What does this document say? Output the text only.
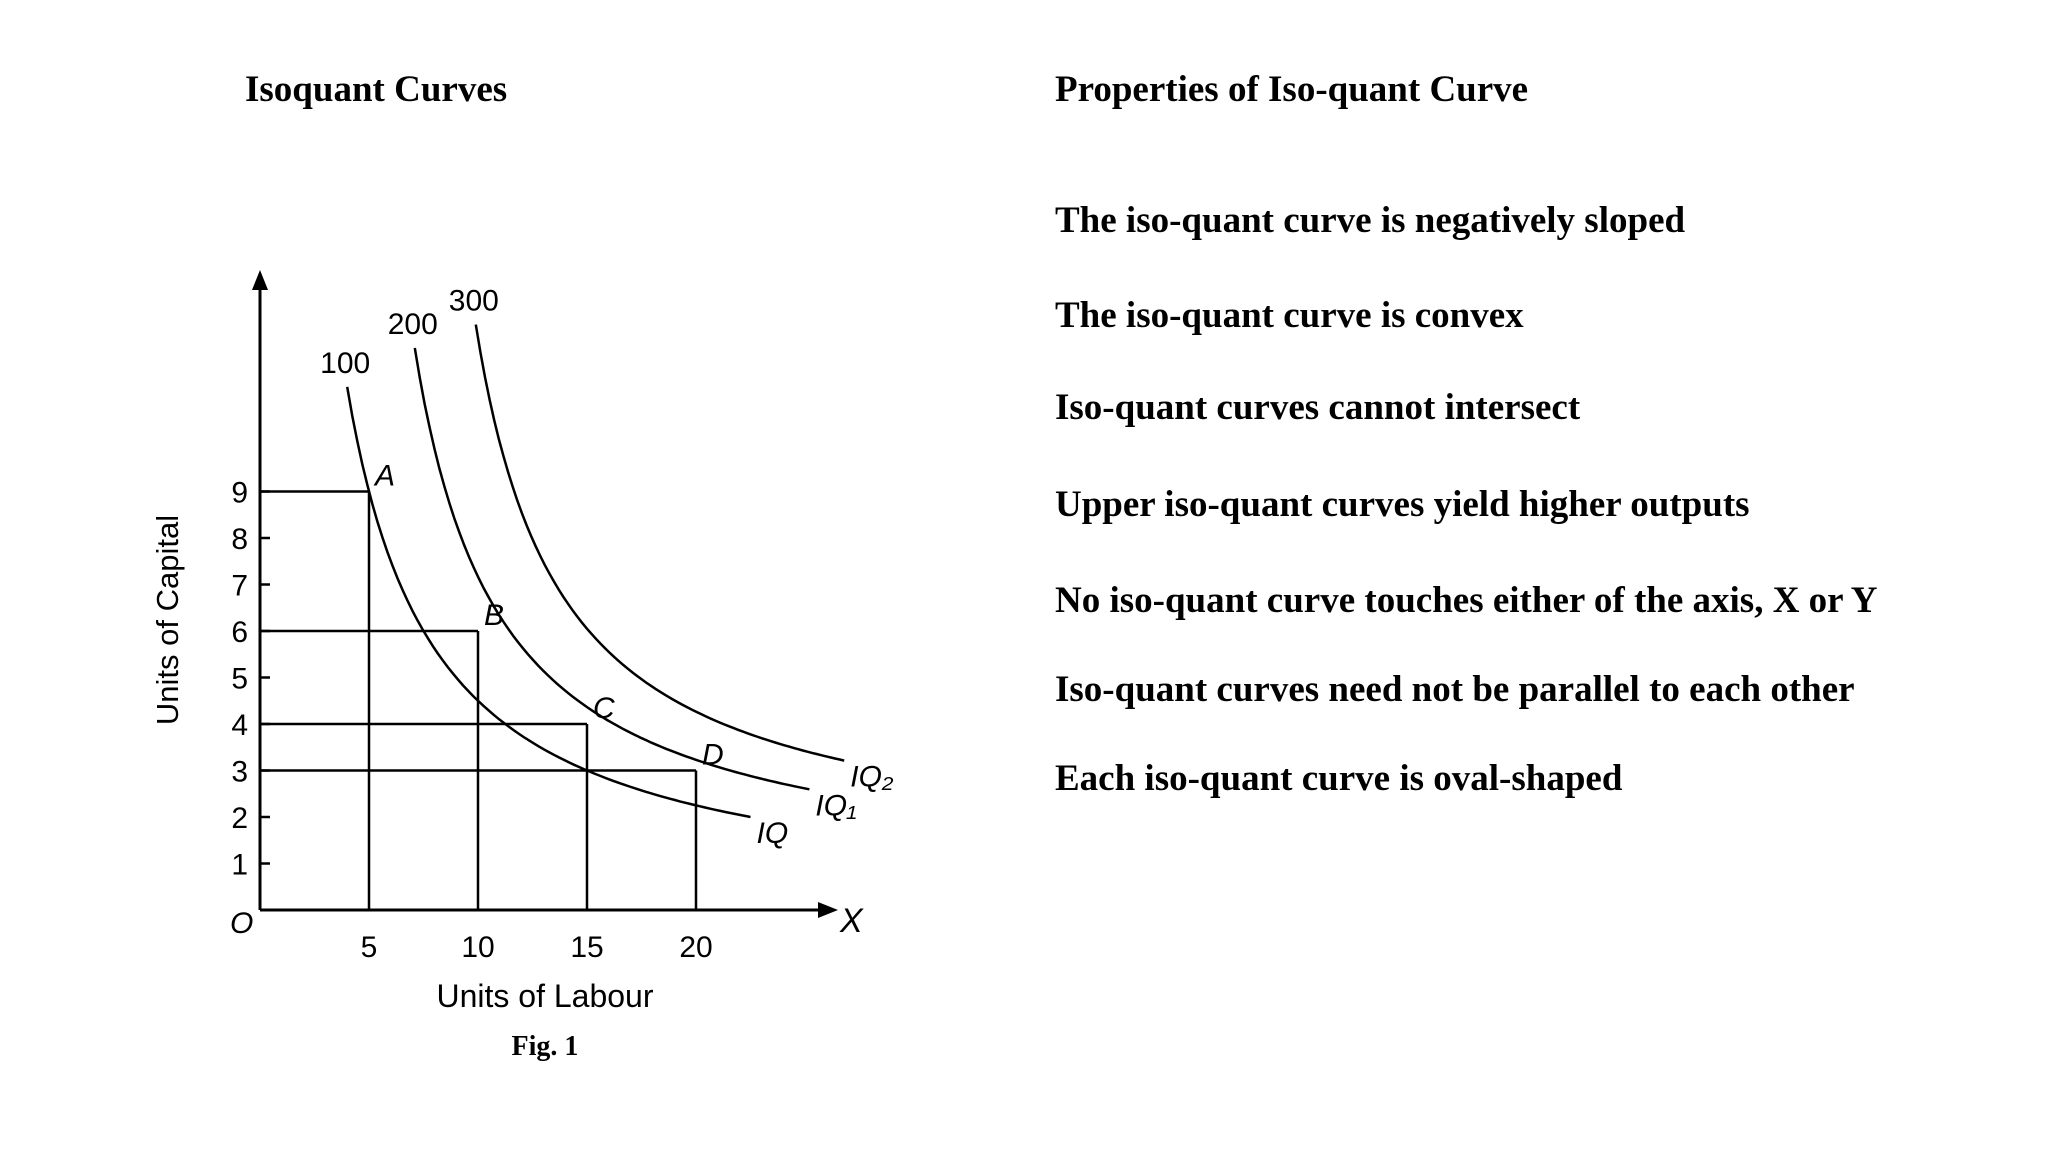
Isoquant Curves	Properties of Iso-quant Curve
The iso-quant curve is negatively sloped
The iso-quant curve is convex
Iso-quant curves cannot intersect
Upper iso-quant curves yield higher outputs
No iso-quant curve touches either of the axis, X or Y
Iso-quant curves need not be parallel to each other
Each iso-quant curve is oval-shaped
1
2
3
4
5
6
7
8
9
5	10	15	20
100
200
300
IQ
IQ₁
IQ₂
A
B
C
D
O	X
Units of Labour
Units of Capital
Fig. 1
